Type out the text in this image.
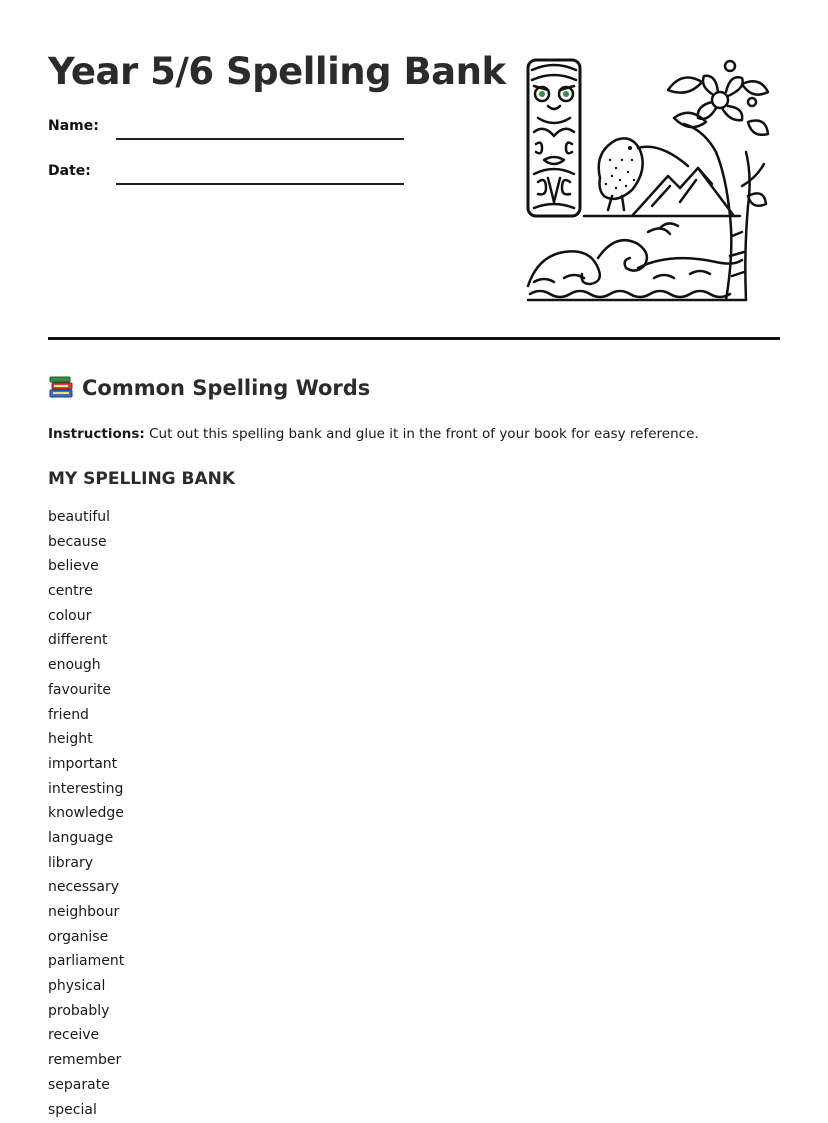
Year 5/6 Spelling Bank
Name:
Date:
Common Spelling Words

Instructions: Cut out this spelling bank and glue it in the front of your book for easy reference.

MY SPELLING BANK
beautiful
because
believe
centre
colour
different
enough
favourite
friend
height
important
interesting
knowledge
language
library
necessary
neighbour
organise
parliament
physical
probably
receive
remember
separate
special
